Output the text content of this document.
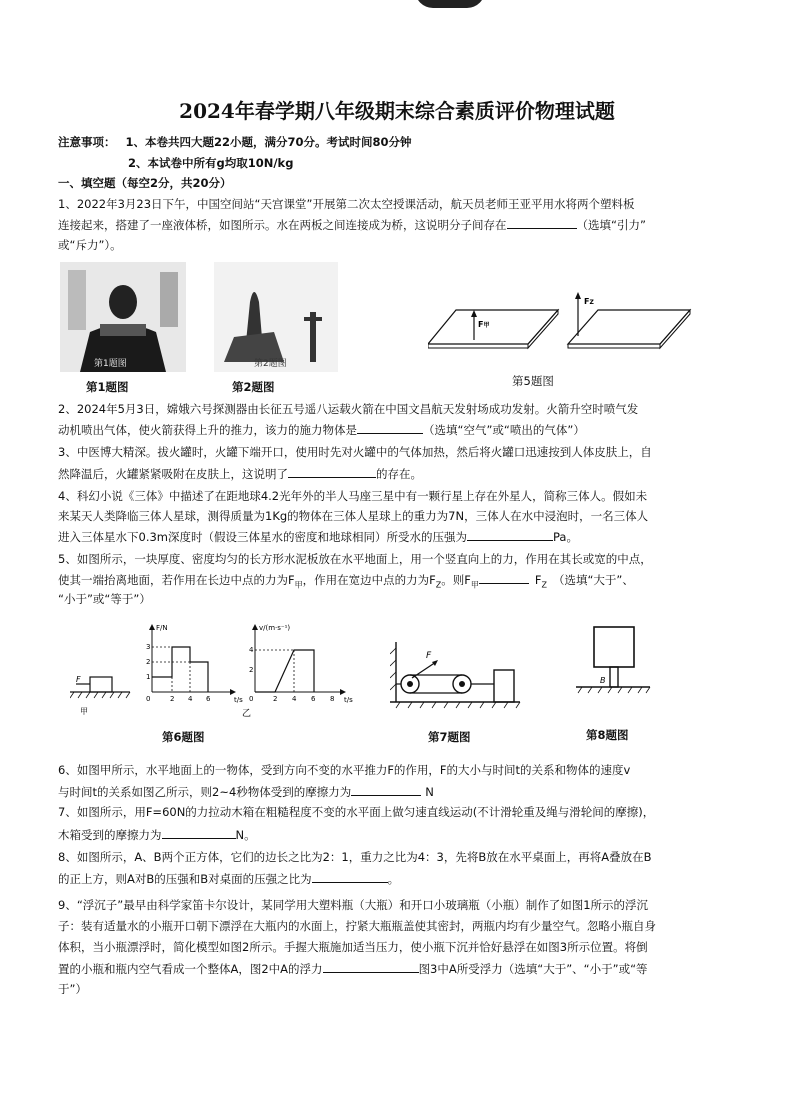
2024年春学期八年级期末综合素质评价物理试题
注意事项： 1、本卷共四大题22小题，满分70分。考试时间80分钟
2、本试卷中所有g均取10N/kg
一、填空题（每空2分，共20分）
1、2022年3月23日下午，中国空间站“天宫课堂”开展第二次太空授课活动，航天员老师王亚平用水将两个塑料板
连接起来，搭建了一座液体桥，如图所示。水在两板之间连接成为桥，这说明分子间存在	（选填“引力”
或“斥力”）。
第1题图
第1题图
第2题图
第2题图
F甲
FZ
第5题图
2、2024年5月3日，嫦娥六号探测器由长征五号遥八运载火箭在中国文昌航天发射场成功发射。火箭升空时喷气发
动机喷出气体，使火箭获得上升的推力，该力的施力物体是	（选填“空气”或“喷出的气体”）
3、中医博大精深。拔火罐时，火罐下端开口，使用时先对火罐中的气体加热，然后将火罐口迅速按到人体皮肤上，自
然降温后，火罐紧紧吸附在皮肤上，这说明了	的存在。
4、科幻小说《三体》中描述了在距地球4.2光年外的半人马座三星中有一颗行星上存在外星人，简称三体人。假如未
来某天人类降临三体人星球，测得质量为1Kg的物体在三体人星球上的重力为7N，三体人在水中浸泡时，一名三体人
进入三体星水下0.3m深度时（假设三体星水的密度和地球相同）所受水的压强为	Pa。
5、如图所示，一块厚度、密度均匀的长方形水泥板放在水平地面上，用一个竖直向上的力，作用在其长或宽的中点，
使其一端抬离地面，若作用在长边中点的力为$F_甲$，作用在宽边中点的力为$F_Z$。则$F_甲$	$F_Z$ （选填“大于”、
“小于”或“等于”）
F
甲
F/N
t/s
0	2 4 6
1
2
3
v/(m·s⁻¹)
t/s
0	2 4 6 8
4
2
乙
第6题图
F
第7题图
B
第8题图
6、如图甲所示，水平地面上的一物体，受到方向不变的水平推力F的作用，F的大小与时间t的关系和物体的速度v
与时间t的关系如图乙所示，则2~4秒物体受到的摩擦力为	N
7、如图所示，用F=60N的力拉动木箱在粗糙程度不变的水平面上做匀速直线运动(不计滑轮重及绳与滑轮间的摩擦)，
木箱受到的摩擦力为	N。
8、如图所示，A、B两个正方体，它们的边长之比为2：1，重力之比为4：3，先将B放在水平桌面上，再将A叠放在B
的正上方，则A对B的压强和B对桌面的压强之比为	。
9、“浮沉子”最早由科学家笛卡尔设计，某同学用大塑料瓶（大瓶）和开口小玻璃瓶（小瓶）制作了如图1所示的浮沉
子：装有适量水的小瓶开口朝下漂浮在大瓶内的水面上，拧紧大瓶瓶盖使其密封，两瓶内均有少量空气。忽略小瓶自身
体积，当小瓶漂浮时，简化模型如图2所示。手握大瓶施加适当压力，使小瓶下沉并恰好悬浮在如图3所示位置。将倒
置的小瓶和瓶内空气看成一个整体A，图2中A的浮力	图3中A所受浮力（选填“大于”、“小于”或“等
于”）
